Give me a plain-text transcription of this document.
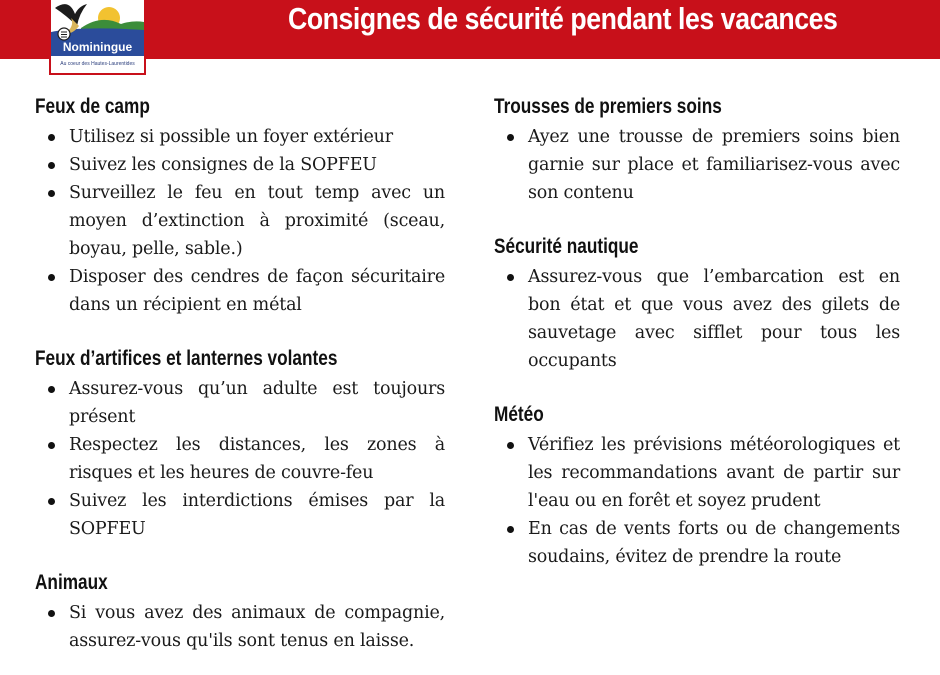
Consignes de sécurité pendant les vacances
Nominingue
Au coeur des Hautes-Laurentides
Feux de camp
Utilisez si possible un foyer extérieur
Suivez les consignes de la SOPFEU
Surveillez le feu en tout temp avec un moyen d’extinction à proximité (sceau, boyau, pelle, sable.)
Disposer des cendres de façon sécuritaire dans un récipient en métal
Feux d’artifices et lanternes volantes
Assurez-vous qu’un adulte est toujours présent
Respectez les distances, les zones à risques et les heures de couvre-feu
Suivez les interdictions émises par la SOPFEU
Animaux
Si vous avez des animaux de compagnie, assurez-vous qu'ils sont tenus en laisse.
Trousses de premiers soins
Ayez une trousse de premiers soins bien garnie sur place et familiarisez-vous avec son contenu
Sécurité nautique
Assurez-vous que l’embarcation est en bon état et que vous avez des gilets de sauvetage avec sifflet pour tous les occupants
Météo
Vérifiez les prévisions météorologiques et les recommandations avant de partir sur l'eau ou en forêt et soyez prudent
En cas de vents forts ou de changements soudains, évitez de prendre la route
